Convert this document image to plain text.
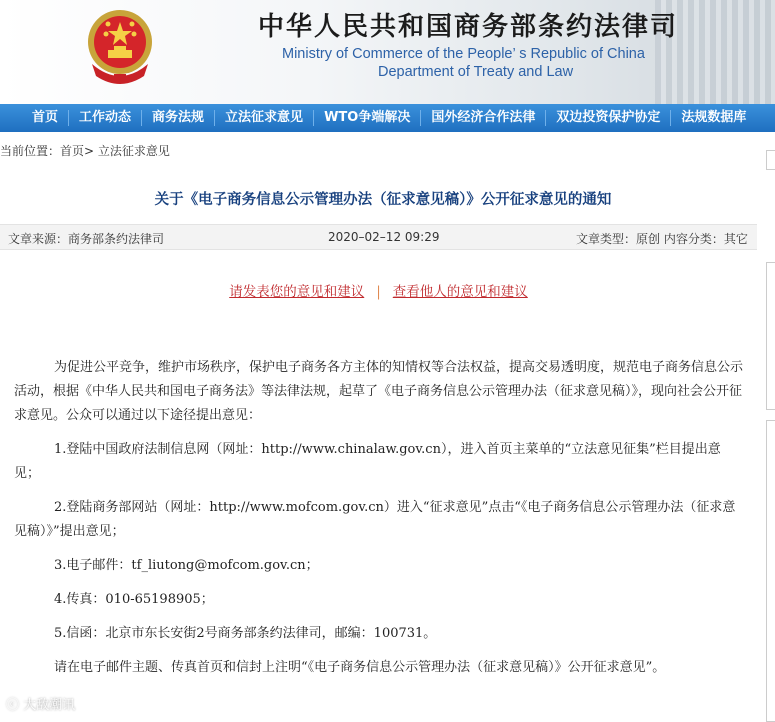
中华人民共和国商务部条约法律司
Ministry of Commerce of the People’ s Republic of China
Department of Treaty and Law
首页	工作动态	商务法规	立法征求意见	WTO争端解决	国外经济合作法律	双边投资保护协定	法规数据库
当前位置：首页> 立法征求意见
关于《电子商务信息公示管理办法（征求意见稿）》公开征求意见的通知
文章来源：商务部条约法律司	2020–02–12 09:29	文章类型：原创 内容分类：其它
请发表您的意见和建议 | 查看他人的意见和建议

为促进公平竞争，维护市场秩序，保护电子商务各方主体的知情权等合法权益，提高交易透明度，规范电子商务信息公示活动，根据《中华人民共和国电子商务法》等法律法规，起草了《电子商务信息公示管理办法（征求意见稿）》，现向社会公开征求意见。公众可以通过以下途径提出意见：

1.登陆中国政府法制信息网（网址：http://www.chinalaw.gov.cn），进入首页主菜单的“立法意见征集”栏目提出意见；

2.登陆商务部网站（网址：http://www.mofcom.gov.cn）进入“征求意见”点击“《电子商务信息公示管理办法（征求意见稿）》”提出意见；

3.电子邮件：tf_liutong@mofcom.gov.cn；

4.传真：010-65198905；

5.信函：北京市东长安街2号商务部条约法律司，邮编：100731。

请在电子邮件主题、传真首页和信封上注明“《电子商务信息公示管理办法（征求意见稿）》公开征求意见”。

ⓒ 大敌潮讯
